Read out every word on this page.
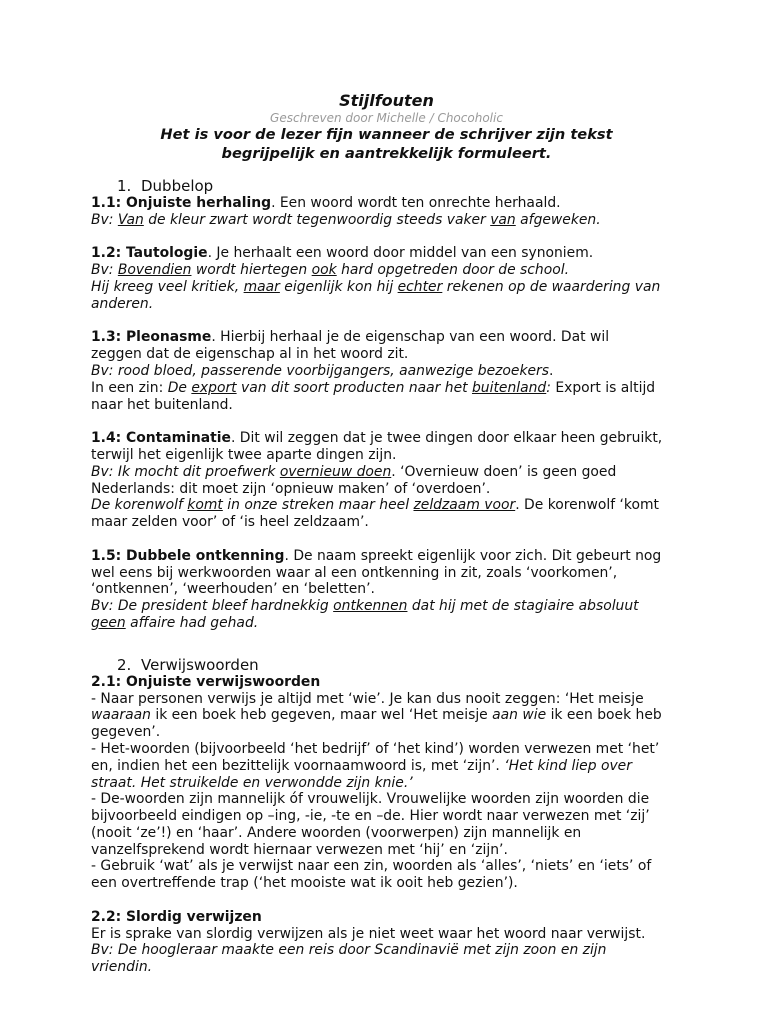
Stijlfouten

Geschreven door Michelle / Chocoholic

Het is voor de lezer fijn wanneer de schrijver zijn tekst
begrijpelijk en aantrekkelijk formuleert.

1. Dubbelop

1.1: Onjuiste herhaling. Een woord wordt ten onrechte herhaald.

Bv: Van de kleur zwart wordt tegenwoordig steeds vaker van afgeweken.

1.2: Tautologie. Je herhaalt een woord door middel van een synoniem.

Bv: Bovendien wordt hiertegen ook hard opgetreden door de school.

Hij kreeg veel kritiek, maar eigenlijk kon hij echter rekenen op de waardering van

anderen.

1.3: Pleonasme. Hierbij herhaal je de eigenschap van een woord. Dat wil

zeggen dat de eigenschap al in het woord zit.

Bv: rood bloed, passerende voorbijgangers, aanwezige bezoekers.

In een zin: De export van dit soort producten naar het buitenland: Export is altijd

naar het buitenland.

1.4: Contaminatie. Dit wil zeggen dat je twee dingen door elkaar heen gebruikt,

terwijl het eigenlijk twee aparte dingen zijn.

Bv: Ik mocht dit proefwerk overnieuw doen. ‘Overnieuw doen’ is geen goed

Nederlands: dit moet zijn ‘opnieuw maken’ of ‘overdoen’.

De korenwolf komt in onze streken maar heel zeldzaam voor. De korenwolf ‘komt

maar zelden voor’ of ‘is heel zeldzaam’.

1.5: Dubbele ontkenning. De naam spreekt eigenlijk voor zich. Dit gebeurt nog

wel eens bij werkwoorden waar al een ontkenning in zit, zoals ‘voorkomen’,

‘ontkennen’, ‘weerhouden’ en ‘beletten’.

Bv: De president bleef hardnekkig ontkennen dat hij met de stagiaire absoluut

geen affaire had gehad.

2. Verwijswoorden

2.1: Onjuiste verwijswoorden

- Naar personen verwijs je altijd met ‘wie’. Je kan dus nooit zeggen: ‘Het meisje

waaraan ik een boek heb gegeven, maar wel ‘Het meisje aan wie ik een boek heb

gegeven’.

- Het-woorden (bijvoorbeeld ‘het bedrijf’ of ‘het kind’) worden verwezen met ‘het’

en, indien het een bezittelijk voornaamwoord is, met ‘zijn’. ‘Het kind liep over

straat. Het struikelde en verwondde zijn knie.’

- De-woorden zijn mannelijk óf vrouwelijk. Vrouwelijke woorden zijn woorden die

bijvoorbeeld eindigen op –ing, -ie, -te en –de. Hier wordt naar verwezen met ‘zij’

(nooit ‘ze’!) en ‘haar’. Andere woorden (voorwerpen) zijn mannelijk en

vanzelfsprekend wordt hiernaar verwezen met ‘hij’ en ‘zijn’.

- Gebruik ‘wat’ als je verwijst naar een zin, woorden als ‘alles’, ‘niets’ en ‘iets’ of

een overtreffende trap (‘het mooiste wat ik ooit heb gezien’).

2.2: Slordig verwijzen

Er is sprake van slordig verwijzen als je niet weet waar het woord naar verwijst.

Bv: De hoogleraar maakte een reis door Scandinavië met zijn zoon en zijn

vriendin.
